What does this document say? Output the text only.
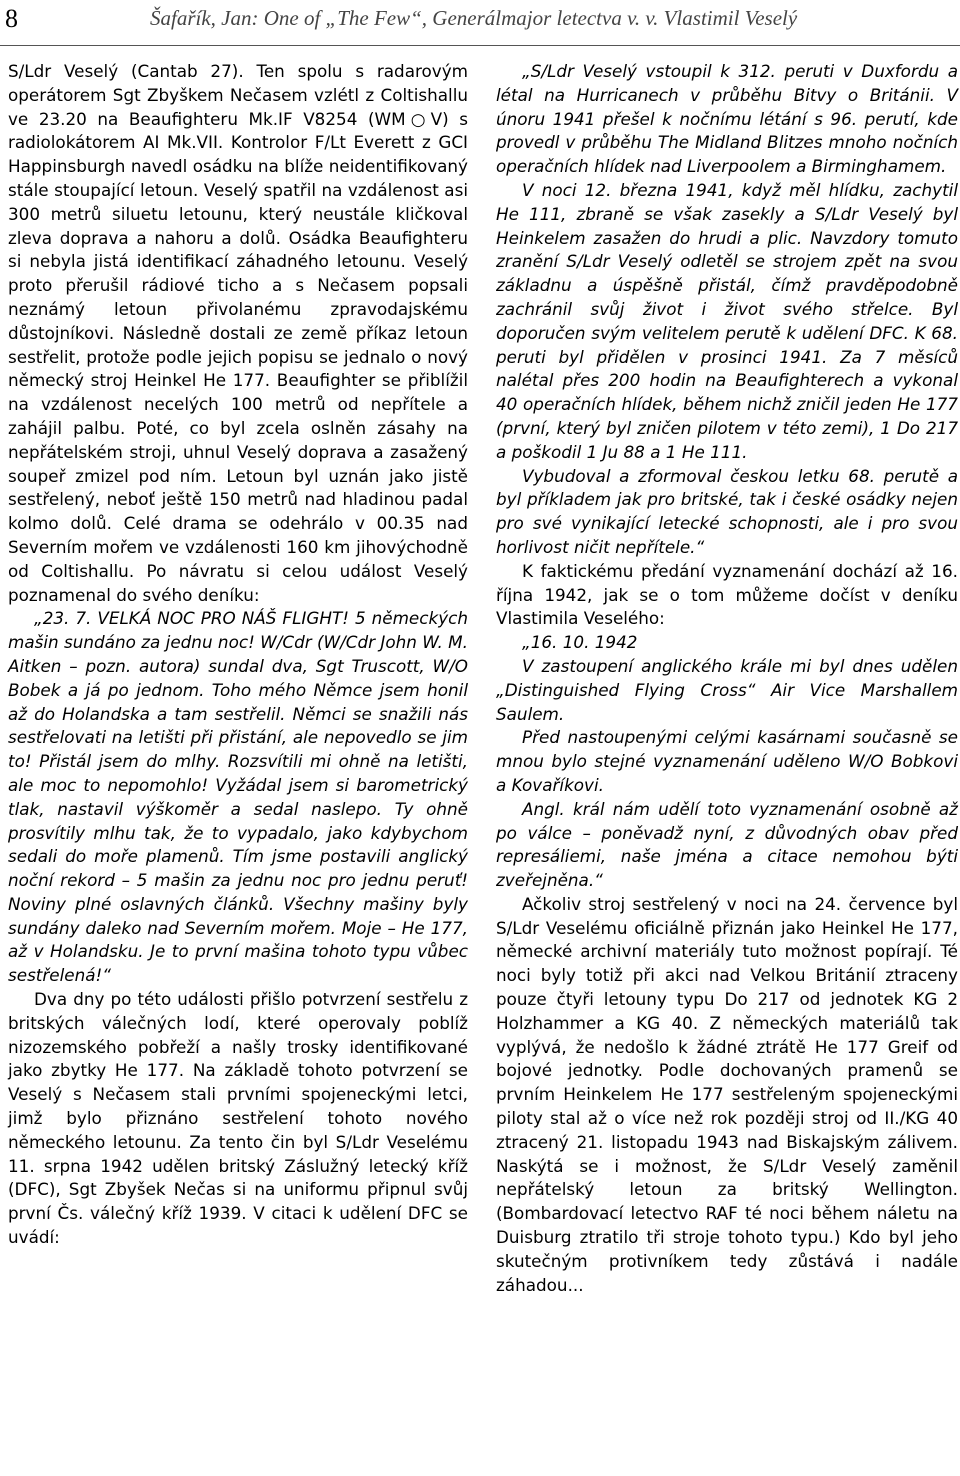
8	Šafařík, Jan: One of „The Few“, Generálmajor letectva v. v. Vlastimil Veselý

S/Ldr Veselý (Cantab 27). Ten spolu s radarovým operátorem Sgt Zbyškem Nečasem vzlétl z Coltishallu ve 23.20 na Beaufighteru Mk.IF V8254 (WM○V) s radiolokátorem AI Mk.VII. Kontrolor F/Lt Everett z GCI Happinsburgh navedl osádku na blíže neidentifikovaný stále stoupající letoun. Veselý spatřil na vzdálenost asi 300 metrů siluetu letounu, který neustále kličkoval zleva doprava a nahoru a dolů. Osádka Beaufighteru si nebyla jistá identifikací záhadného letounu. Veselý proto přerušil rádiové ticho a s Nečasem popsali neznámý letoun přivolanému zpravodajskému důstojníkovi. Následně dostali ze země příkaz letoun sestřelit, protože podle jejich popisu se jednalo o nový německý stroj Heinkel He 177. Beaufighter se přiblížil na vzdálenost necelých 100 metrů od nepřítele a zahájil palbu. Poté, co byl zcela oslněn zásahy na nepřátelském stroji, uhnul Veselý doprava a zasažený soupeř zmizel pod ním. Letoun byl uznán jako jistě sestřelený, neboť ještě 150 metrů nad hladinou padal kolmo dolů. Celé drama se odehrálo v 00.35 nad Severním mořem ve vzdálenosti 160 km jihovýchodně od Coltishallu. Po návratu si celou událost Veselý poznamenal do svého deníku:

„23. 7. VELKÁ NOC PRO NÁŠ FLIGHT! 5 německých mašin sundáno za jednu noc! W/Cdr (W/Cdr John W. M. Aitken – pozn. autora) sundal dva, Sgt Truscott, W/O Bobek a já po jednom. Toho mého Němce jsem honil až do Holandska a tam sestřelil. Němci se snažili nás sestřelovati na letišti při přistání, ale nepovedlo se jim to! Přistál jsem do mlhy. Rozsvítili mi ohně na letišti, ale moc to nepomohlo! Vyžádal jsem si barometrický tlak, nastavil výškoměr a sedal naslepo. Ty ohně prosvítily mlhu tak, že to vypadalo, jako kdybychom sedali do moře plamenů. Tím jsme postavili anglický noční rekord – 5 mašin za jednu noc pro jednu peruť! Noviny plné oslavných článků. Všechny mašiny byly sundány daleko nad Severním mořem. Moje – He 177, až v Holandsku. Je to první mašina tohoto typu vůbec sestřelená!“

Dva dny po této události přišlo potvrzení sestřelu z britských válečných lodí, které operovaly poblíž nizozemského pobřeží a našly trosky identifikované jako zbytky He 177. Na základě tohoto potvrzení se Veselý s Nečasem stali prvními spojeneckými letci, jimž bylo přiznáno sestřelení tohoto nového německého letounu. Za tento čin byl S/Ldr Veselému 11. srpna 1942 udělen britský Záslužný letecký kříž (DFC), Sgt Zbyšek Nečas si na uniformu připnul svůj první Čs. válečný kříž 1939. V citaci k udělení DFC se uvádí:

„S/Ldr Veselý vstoupil k 312. peruti v Duxfordu a létal na Hurricanech v průběhu Bitvy o Británii. V únoru 1941 přešel k nočnímu létání s 96. perutí, kde provedl v průběhu The Midland Blitzes mnoho nočních operačních hlídek nad Liverpoolem a Birminghamem.

V noci 12. března 1941, když měl hlídku, zachytil He 111, zbraně se však zasekly a S/Ldr Veselý byl Heinkelem zasažen do hrudi a plic. Navzdory tomuto zranění S/Ldr Veselý odletěl se strojem zpět na svou základnu a úspěšně přistál, čímž pravděpodobně zachránil svůj život i život svého střelce. Byl doporučen svým velitelem perutě k udělení DFC. K 68. peruti byl přidělen v prosinci 1941. Za 7 měsíců nalétal přes 200 hodin na Beaufighterech a vykonal 40 operačních hlídek, během nichž zničil jeden He 177 (první, který byl zničen pilotem v této zemi), 1 Do 217 a poškodil 1 Ju 88 a 1 He 111.

Vybudoval a zformoval českou letku 68. perutě a byl příkladem jak pro britské, tak i české osádky nejen pro své vynikající letecké schopnosti, ale i pro svou horlivost ničit nepřítele.“

K faktickému předání vyznamenání dochází až 16. října 1942, jak se o tom můžeme dočíst v deníku Vlastimila Veselého:

„16. 10. 1942

V zastoupení anglického krále mi byl dnes udělen „Distinguished Flying Cross“ Air Vice Marshallem Saulem.

Před nastoupenými celými kasárnami současně se mnou bylo stejné vyznamenání uděleno W/O Bobkovi a Kovaříkovi.

Angl. král nám udělí toto vyznamenání osobně až po válce – poněvadž nyní, z důvodných obav před represáliemi, naše jména a citace nemohou býti zveřejněna.“

Ačkoliv stroj sestřelený v noci na 24. července byl S/Ldr Veselému oficiálně přiznán jako Heinkel He 177, německé archivní materiály tuto možnost popírají. Té noci byly totiž při akci nad Velkou Británií ztraceny pouze čtyři letouny typu Do 217 od jednotek KG 2 Holzhammer a KG 40. Z německých materiálů tak vyplývá, že nedošlo k žádné ztrátě He 177 Greif od bojové jednotky. Podle dochovaných pramenů se prvním Heinkelem He 177 sestřeleným spojeneckými piloty stal až o více než rok později stroj od II./KG 40 ztracený 21. listopadu 1943 nad Biskajským zálivem. Naskýtá se i možnost, že S/Ldr Veselý zaměnil nepřátelský letoun za britský Wellington. (Bombardovací letectvo RAF té noci během náletu na Duisburg ztratilo tři stroje tohoto typu.) Kdo byl jeho skutečným protivníkem tedy zůstává i nadále záhadou...
